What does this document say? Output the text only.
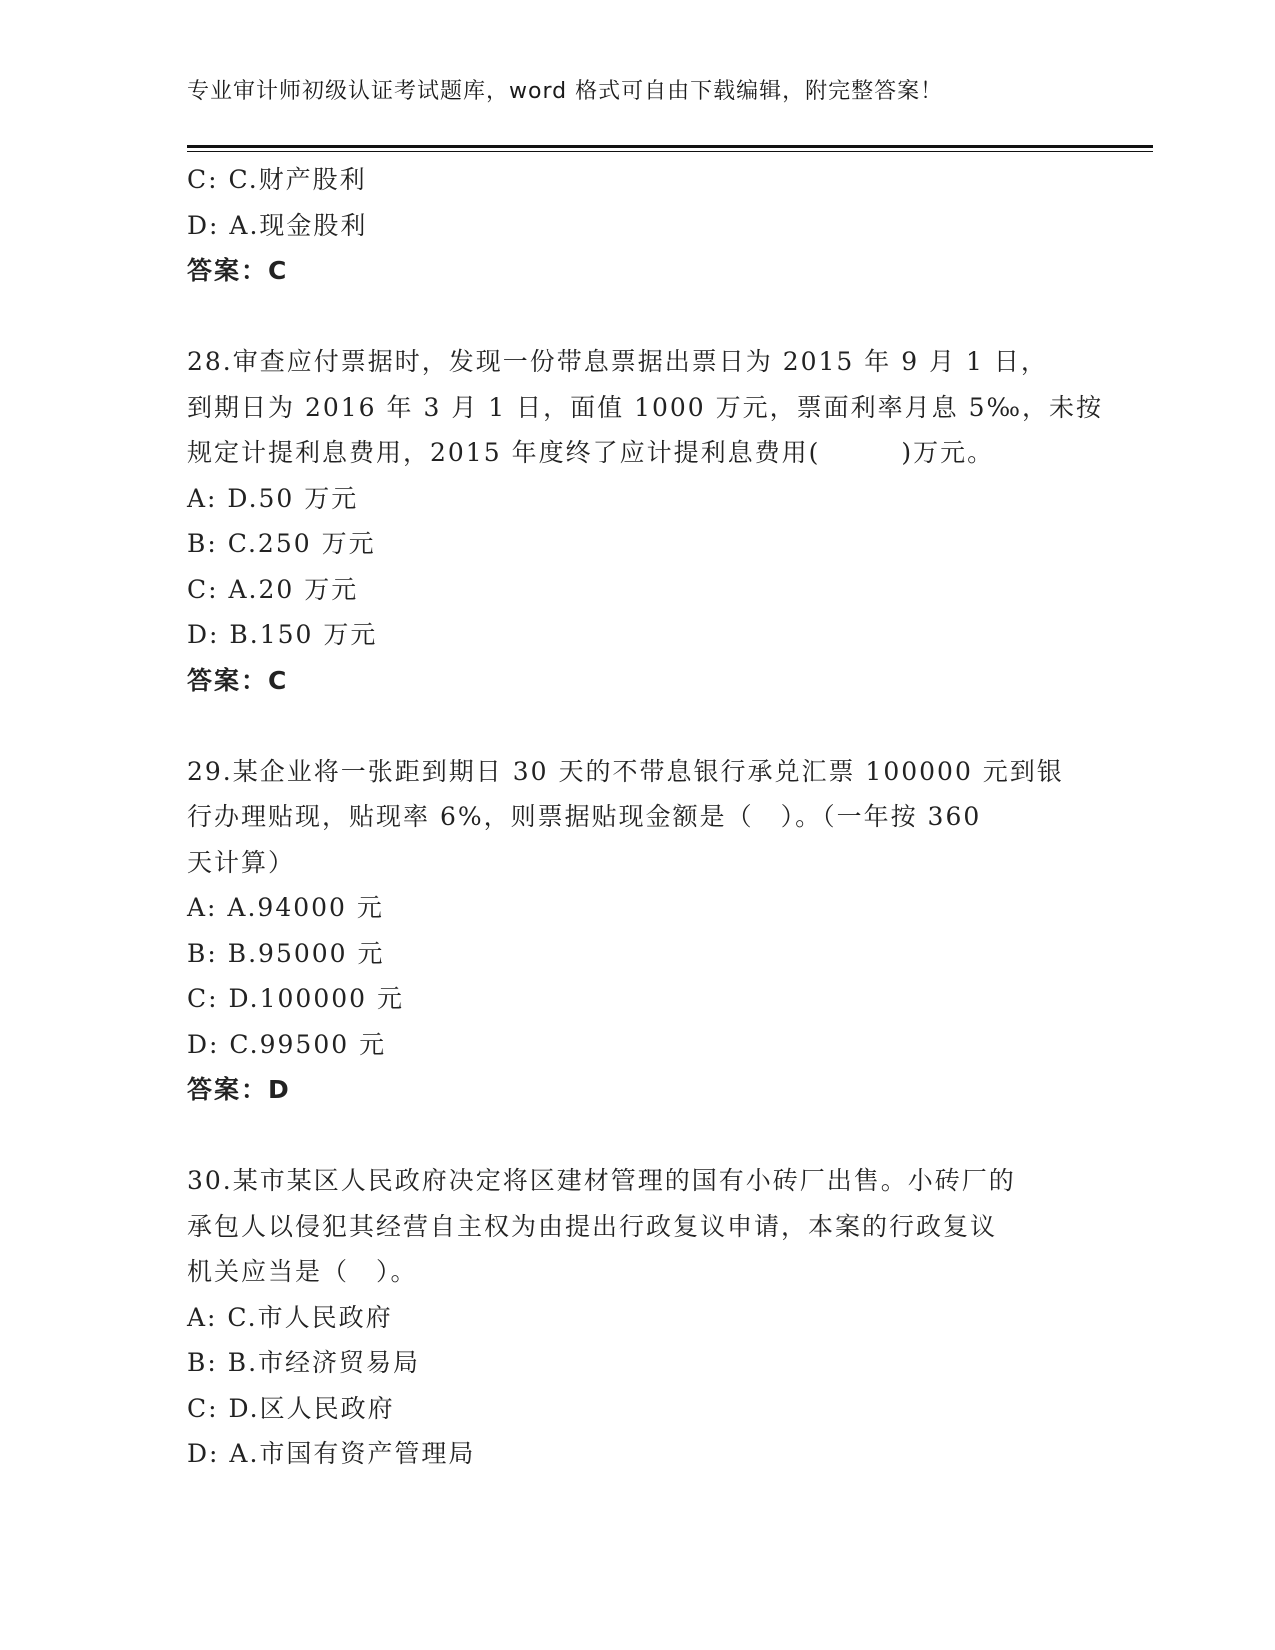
专业审计师初级认证考试题库，word 格式可自由下载编辑，附完整答案！
C: C.财产股利
D: A.现金股利
答案：C
28.审查应付票据时，发现一份带息票据出票日为 2015 年 9 月 1 日，
到期日为 2016 年 3 月 1 日，面值 1000 万元，票面利率月息 5‰，未按
规定计提利息费用，2015 年度终了应计提利息费用(　　　)万元。
A: D.50 万元
B: C.250 万元
C: A.20 万元
D: B.150 万元
答案：C
29.某企业将一张距到期日 30 天的不带息银行承兑汇票 100000 元到银
行办理贴现，贴现率 6%，则票据贴现金额是（　）。（一年按 360
天计算）
A: A.94000 元
B: B.95000 元
C: D.100000 元
D: C.99500 元
答案：D
30.某市某区人民政府决定将区建材管理的国有小砖厂出售。小砖厂的
承包人以侵犯其经营自主权为由提出行政复议申请，本案的行政复议
机关应当是（　）。
A: C.市人民政府
B: B.市经济贸易局
C: D.区人民政府
D: A.市国有资产管理局
